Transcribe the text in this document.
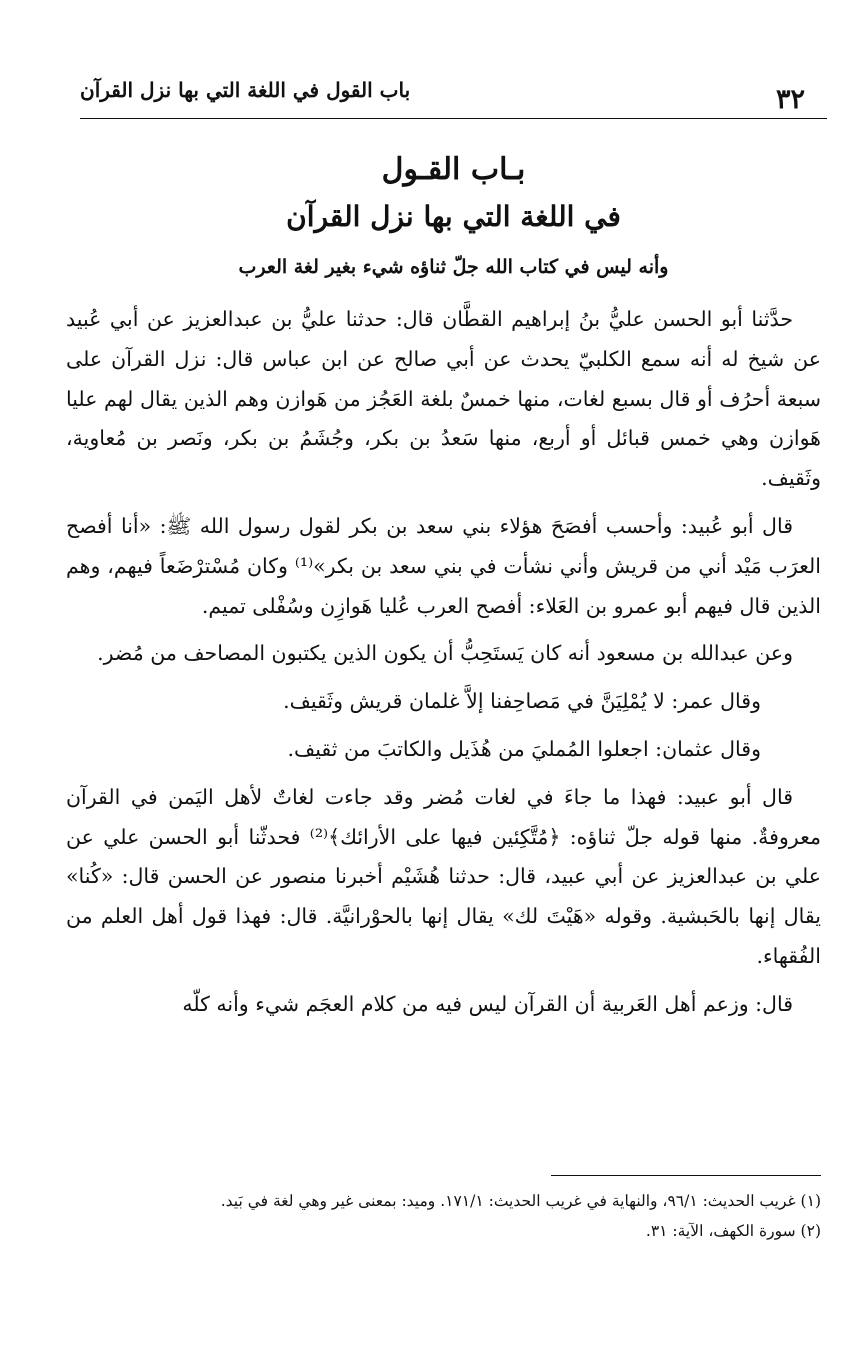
٣٢
باب القول في اللغة التي بها نزل القرآن
بـاب القـول
في اللغة التي بها نزل القرآن
وأنه ليس في كتاب الله جلّ ثناؤه شيء بغير لغة العرب

حدَّثنا أبو الحسن عليُّ بنُ إبراهيم القطَّان قال: حدثنا عليُّ بن عبدالعزيز عن أبي عُبيد عن شيخ له أنه سمع الكلبيّ يحدث عن أبي صالح عن ابن عباس قال: نزل القرآن على سبعة أحرُف أو قال بسبع لغات، منها خمسٌ بلغة العَجُز من هَوازن وهم الذين يقال لهم عليا هَوازن وهي خمس قبائل أو أربع، منها سَعدُ بن بكر، وجُشَمُ بن بكر، ونَصر بن مُعاوية، وثَقيف.

قال أبو عُبيد: وأحسب أفصَحَ هؤلاء بني سعد بن بكر لقول رسول الله ﷺ: «أنا أفصح العرَب مَيْد أني من قريش وأني نشأت في بني سعد بن بكر»⁽¹⁾ وكان مُسْترْضَعاً فيهم، وهم الذين قال فيهم أبو عمرو بن العَلاء: أفصح العرب عُليا هَوازِن وسُفْلى تميم.

وعن عبدالله بن مسعود أنه كان يَستَحِبُّ أن يكون الذين يكتبون المصاحف من مُضر.

وقال عمر: لا يُمْلِيَنَّ في مَصاحِفنا إلاَّ غلمان قريش وثَقيف.

وقال عثمان: اجعلوا المُمليَ من هُذَيل والكاتبَ من ثقيف.

قال أبو عبيد: فهذا ما جاءَ في لغات مُضر وقد جاءت لغاتٌ لأهل اليَمن في القرآن معروفةٌ. منها قوله جلّ ثناؤه: ﴿مُتَّكِئين فيها على الأرائك﴾⁽²⁾ فحدثّنا أبو الحسن علي عن علي بن عبدالعزيز عن أبي عبيد، قال: حدثنا هُشَيْم أخبرنا منصور عن الحسن قال: «كُنا» يقال إنها بالحَبشية. وقوله «هَيْتَ لك» يقال إنها بالحوْرانيَّة. قال: فهذا قول أهل العلم من الفُقهاء.

قال: وزعم أهل العَربية أن القرآن ليس فيه من كلام العجَم شيء وأنه كلّه

(١) غريب الحديث: ٩٦/١، والنهاية في غريب الحديث: ١٧١/١. وميد: بمعنى غير وهي لغة في بَيد.

(٢) سورة الكهف، الآية: ٣١.
